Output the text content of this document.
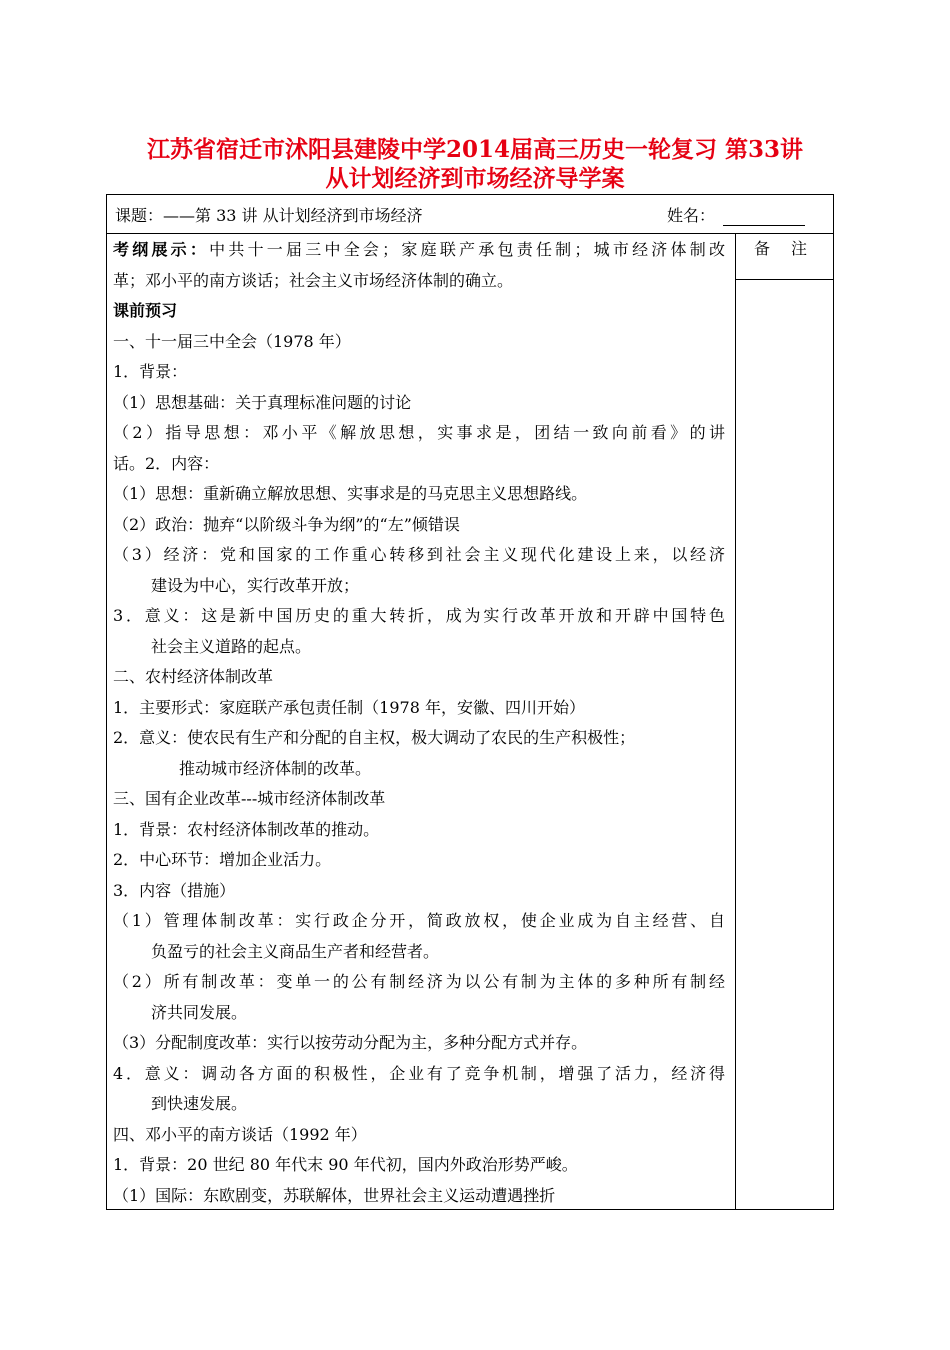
江苏省宿迁市沭阳县建陵中学2014届高三历史一轮复习 第33讲
从计划经济到市场经济导学案
课题：——第 33 讲 从计划经济到市场经济	姓名：
备 注
考纲展示：中共十一届三中全会；家庭联产承包责任制；城市经济体制改
革；邓小平的南方谈话；社会主义市场经济体制的确立。
课前预习
一、十一届三中全会（1978 年）
1．背景：
（1）思想基础：关于真理标准问题的讨论
（2）指导思想：邓小平《解放思想，实事求是，团结一致向前看》的讲
话。2．内容：
（1）思想：重新确立解放思想、实事求是的马克思主义思想路线。
（2）政治：抛弃“以阶级斗争为纲”的“左”倾错误
（3）经济：党和国家的工作重心转移到社会主义现代化建设上来，以经济
建设为中心，实行改革开放；
3．意义：这是新中国历史的重大转折，成为实行改革开放和开辟中国特色
社会主义道路的起点。
二、农村经济体制改革
1．主要形式：家庭联产承包责任制（1978 年，安徽、四川开始）
2．意义：使农民有生产和分配的自主权，极大调动了农民的生产积极性；
推动城市经济体制的改革。
三、国有企业改革---城市经济体制改革
1．背景：农村经济体制改革的推动。
2．中心环节：增加企业活力。
3．内容（措施）
（1）管理体制改革：实行政企分开，简政放权，使企业成为自主经营、自
负盈亏的社会主义商品生产者和经营者。
（2）所有制改革：变单一的公有制经济为以公有制为主体的多种所有制经
济共同发展。
（3）分配制度改革：实行以按劳动分配为主，多种分配方式并存。
4．意义：调动各方面的积极性，企业有了竞争机制，增强了活力，经济得
到快速发展。
四、邓小平的南方谈话（1992 年）
1．背景：20 世纪 80 年代末 90 年代初，国内外政治形势严峻。
（1）国际：东欧剧变，苏联解体，世界社会主义运动遭遇挫折
